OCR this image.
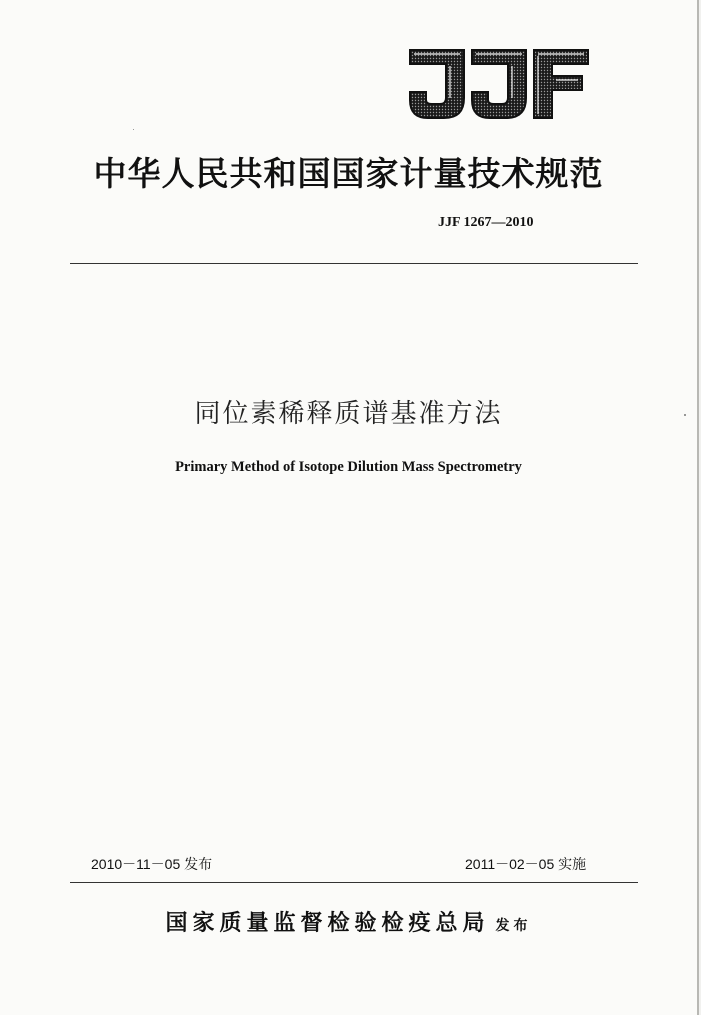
中华人民共和国国家计量技术规范
JJF 1267—2010
同位素稀释质谱基准方法
Primary Method of Isotope Dilution Mass Spectrometry
2010－11－05 发布	2011－02－05 实施
国家质量监督检验检疫总局 发布
